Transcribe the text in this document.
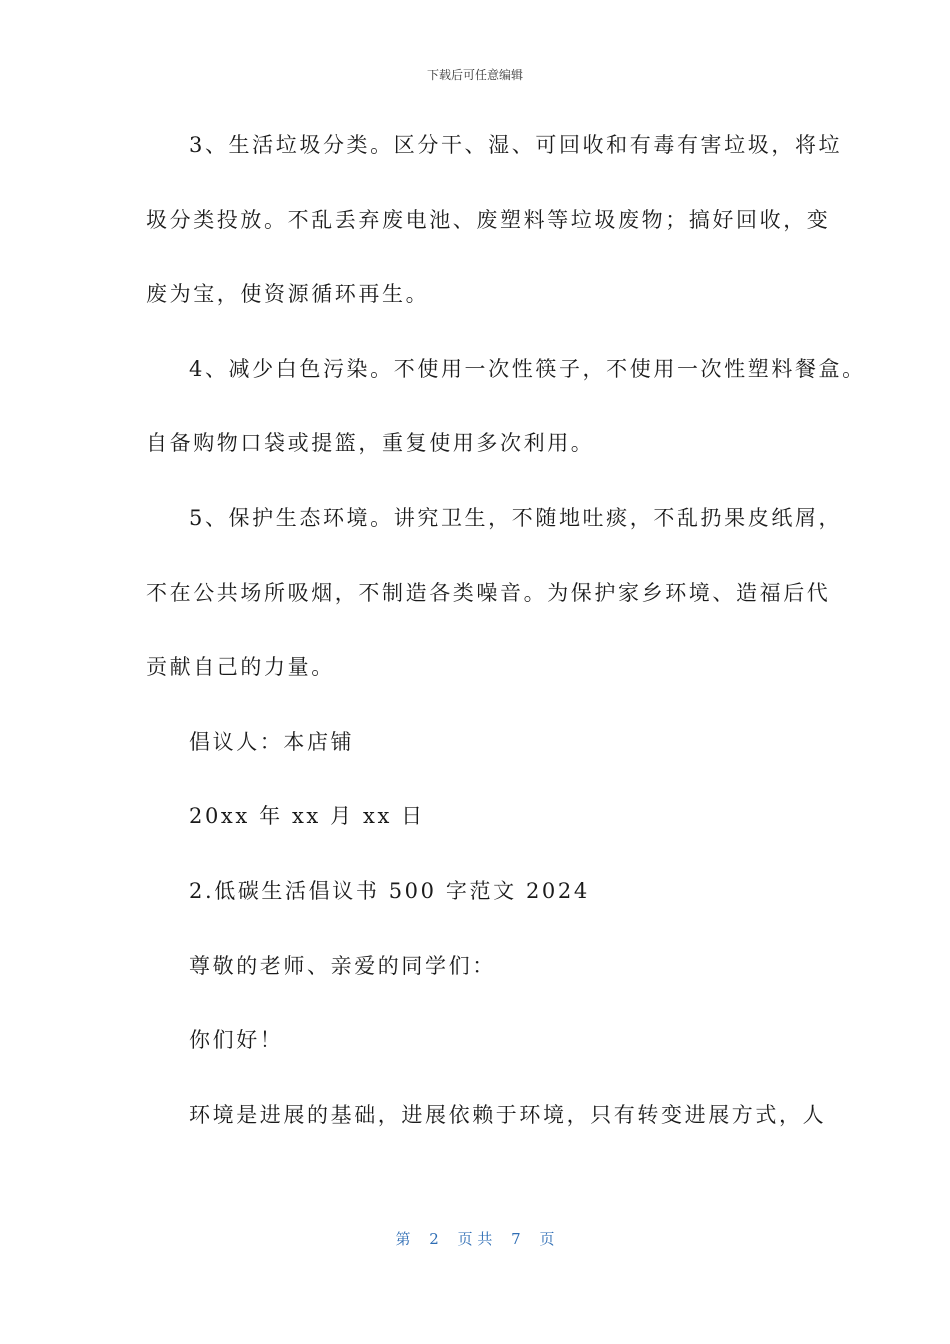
下载后可任意编辑
3、生活垃圾分类。区分干、湿、可回收和有毒有害垃圾，将垃
圾分类投放。不乱丢弃废电池、废塑料等垃圾废物；搞好回收，变
废为宝，使资源循环再生。
4、减少白色污染。不使用一次性筷子，不使用一次性塑料餐盒。
自备购物口袋或提篮，重复使用多次利用。
5、保护生态环境。讲究卫生，不随地吐痰，不乱扔果皮纸屑，
不在公共场所吸烟，不制造各类噪音。为保护家乡环境、造福后代
贡献自己的力量。
倡议人：本店铺
20xx 年 xx 月 xx 日
2.低碳生活倡议书 500 字范文 2024
尊敬的老师、亲爱的同学们：
你们好！
环境是进展的基础，进展依赖于环境，只有转变进展方式，人
第 2 页 共 7 页
